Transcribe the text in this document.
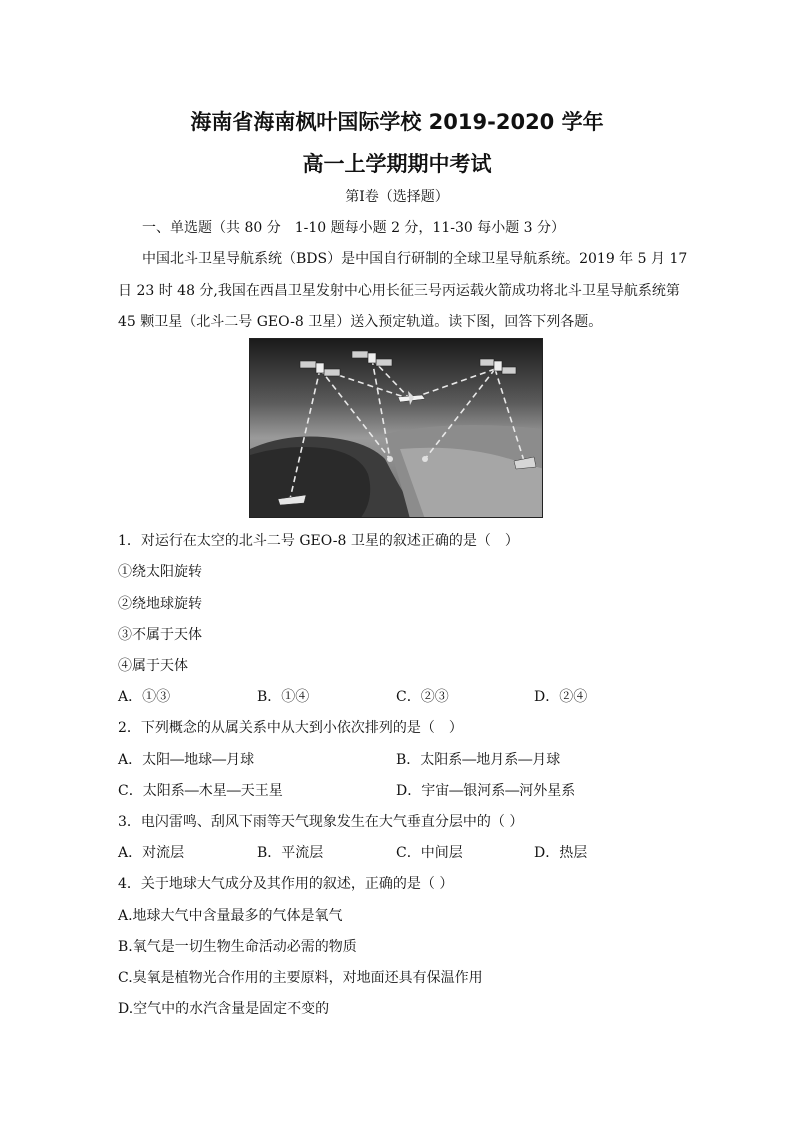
海南省海南枫叶国际学校 2019-2020 学年
高一上学期期中考试
第Ⅰ卷（选择题）
一、单选题（共 80 分　1-10 题每小题 2 分，11-30 每小题 3 分）
中国北斗卫星导航系统（BDS）是中国自行研制的全球卫星导航系统。2019 年 5 月 17
日 23 时 48 分,我国在西昌卫星发射中心用长征三号丙运载火箭成功将北斗卫星导航系统第
45 颗卫星（北斗二号 GEO-8 卫星）送入预定轨道。读下图，回答下列各题。
1．对运行在太空的北斗二号 GEO-8 卫星的叙述正确的是（　）
①绕太阳旋转
②绕地球旋转
③不属于天体
④属于天体
A．①③	B．①④	C．②③	D．②④
2．下列概念的从属关系中从大到小依次排列的是（　）
A．太阳―地球―月球	B．太阳系―地月系―月球
C．太阳系―木星―天王星	D．宇宙―银河系―河外星系
3．电闪雷鸣、刮风下雨等天气现象发生在大气垂直分层中的（ ）
A．对流层	B．平流层	C．中间层	D．热层
4．关于地球大气成分及其作用的叙述，正确的是（ ）
A.地球大气中含量最多的气体是氧气
B.氧气是一切生物生命活动必需的物质
C.臭氧是植物光合作用的主要原料，对地面还具有保温作用
D.空气中的水汽含量是固定不变的
